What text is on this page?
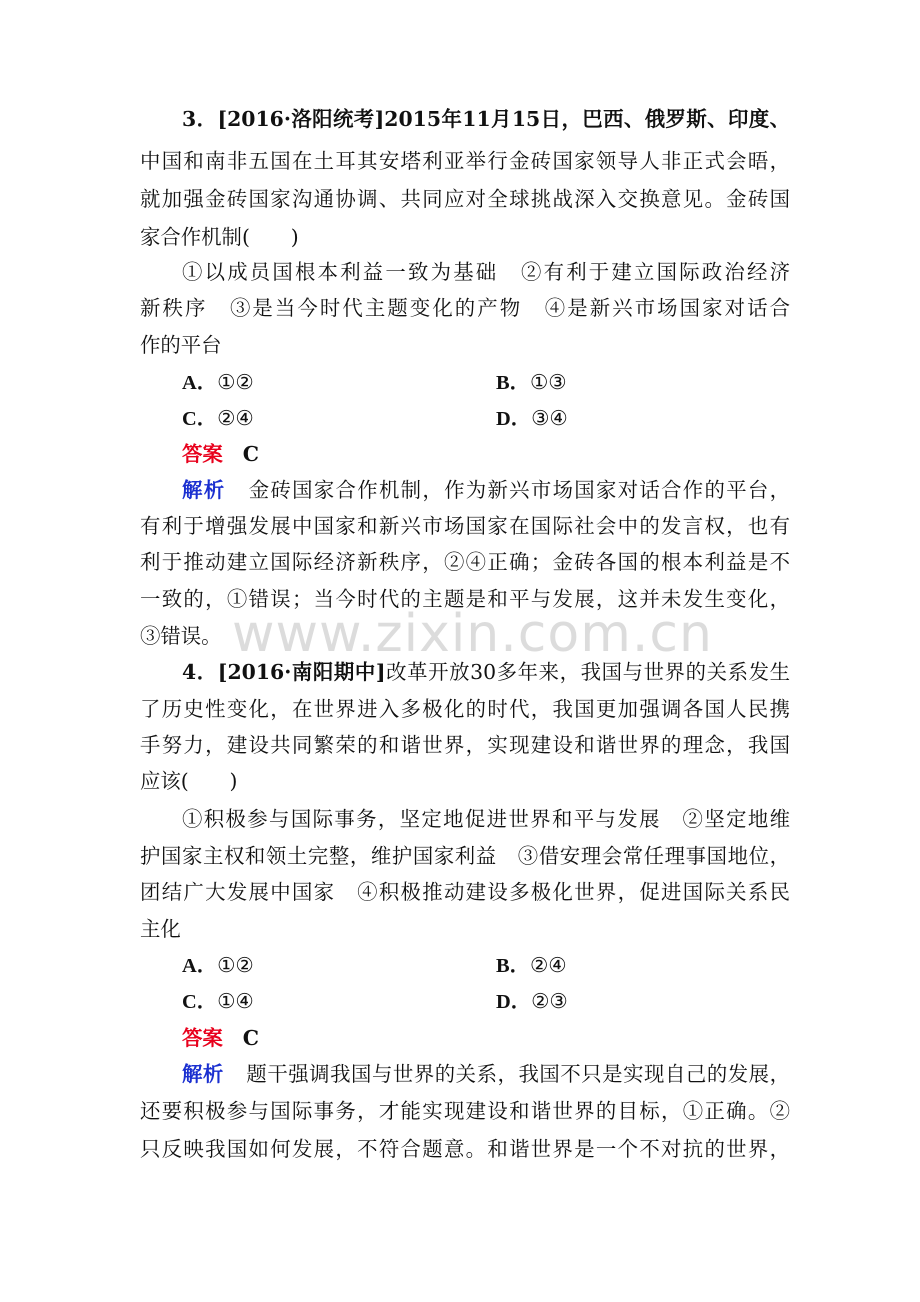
www.zixin.com.cn
3．[2016·洛阳统考]2015年11月15日，巴西、俄罗斯、印度、
中国和南非五国在土耳其安塔利亚举行金砖国家领导人非正式会晤，
就加强金砖国家沟通协调、共同应对全球挑战深入交换意见。金砖国
家合作机制(　　)
①以成员国根本利益一致为基础　②有利于建立国际政治经济
新秩序　③是当今时代主题变化的产物　④是新兴市场国家对话合
作的平台
A．①②	B．①③
C．②④	D．③④
答案 C
解析 金砖国家合作机制，作为新兴市场国家对话合作的平台，
有利于增强发展中国家和新兴市场国家在国际社会中的发言权，也有
利于推动建立国际经济新秩序，②④正确；金砖各国的根本利益是不
一致的，①错误；当今时代的主题是和平与发展，这并未发生变化，
③错误。
4．[2016·南阳期中]改革开放30多年来，我国与世界的关系发生
了历史性变化，在世界进入多极化的时代，我国更加强调各国人民携
手努力，建设共同繁荣的和谐世界，实现建设和谐世界的理念，我国
应该(　　)
①积极参与国际事务，坚定地促进世界和平与发展　②坚定地维
护国家主权和领土完整，维护国家利益　③借安理会常任理事国地位，
团结广大发展中国家　④积极推动建设多极化世界，促进国际关系民
主化
A．①②	B．②④
C．①④	D．②③
答案 C
解析 题干强调我国与世界的关系，我国不只是实现自己的发展，
还要积极参与国际事务，才能实现建设和谐世界的目标，①正确。②
只反映我国如何发展，不符合题意。和谐世界是一个不对抗的世界，
